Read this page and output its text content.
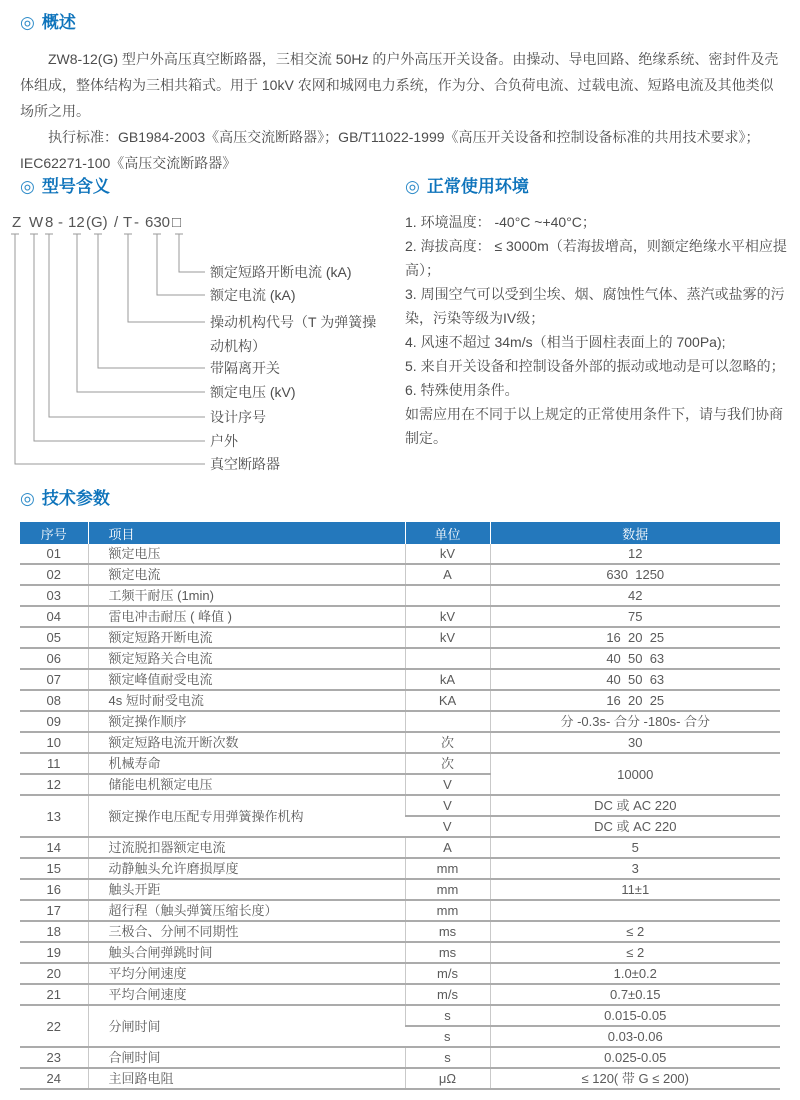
◎ 概述

ZW8-12(G) 型户外高压真空断路器，三相交流 50Hz 的户外高压开关设备。由操动、导电回路、绝缘系统、密封件及壳体组成，整体结构为三相共箱式。用于 10kV 农网和城网电力系统，作为分、合负荷电流、过载电流、短路电流及其他类似场所之用。

执行标准：GB1984-2003《高压交流断路器》；GB/T11022-1999《高压开关设备和控制设备标准的共用技术要求》；IEC62271-100《高压交流断路器》

◎ 型号含义
Z W 8 - 12 (G) / T - 630 □
额定短路开断电流 (kA)
额定电流 (kA)
操动机构代号（T 为弹簧操动机构）
带隔离开关
额定电压 (kV)
设计序号
户外
真空断路器
◎ 正常使用环境
1. 环境温度： -40°C ~+40°C；
2. 海拔高度： ≤ 3000m（若海拔增高，则额定绝缘水平相应提高）；
3. 周围空气可以受到尘埃、烟、腐蚀性气体、蒸汽或盐雾的污染，污染等级为IV级；
4. 风速不超过 34m/s（相当于圆柱表面上的 700Pa);
5. 来自开关设备和控制设备外部的振动或地动是可以忽略的；
6. 特殊使用条件。
如需应用在不同于以上规定的正常使用条件下，请与我们协商制定。
◎ 技术参数
序号	项目	单位	数据
01	额定电压	kV	12
02	额定电流	A	630  1250
03	工频干耐压 (1min)		42
04	雷电冲击耐压 ( 峰值 )	kV	75
05	额定短路开断电流	kV	16  20  25
06	额定短路关合电流		40  50  63
07	额定峰值耐受电流	kA	40  50  63
08	4s 短时耐受电流	KA	16  20  25
09	额定操作顺序		分 -0.3s- 合分 -180s- 合分
10	额定短路电流开断次数	次	30
11	机械寿命	次	10000
12	储能电机额定电压	V	
13	额定操作电压配专用弹簧操作机构	V	DC 或 AC 220
		V	DC 或 AC 220
14	过流脱扣器额定电流	A	5
15	动静触头允许磨损厚度	mm	3
16	触头开距	mm	11±1
17	超行程（触头弹簧压缩长度）	mm	
18	三极合、分闸不同期性	ms	≤ 2
19	触头合闸弹跳时间	ms	≤ 2
20	平均分闸速度	m/s	1.0±0.2
21	平均合闸速度	m/s	0.7±0.15
22	分闸时间	s	0.015-0.05
		s	0.03-0.06
23	合闸时间	s	0.025-0.05
24	主回路电阻	μΩ	≤ 120( 带 G ≤ 200)
